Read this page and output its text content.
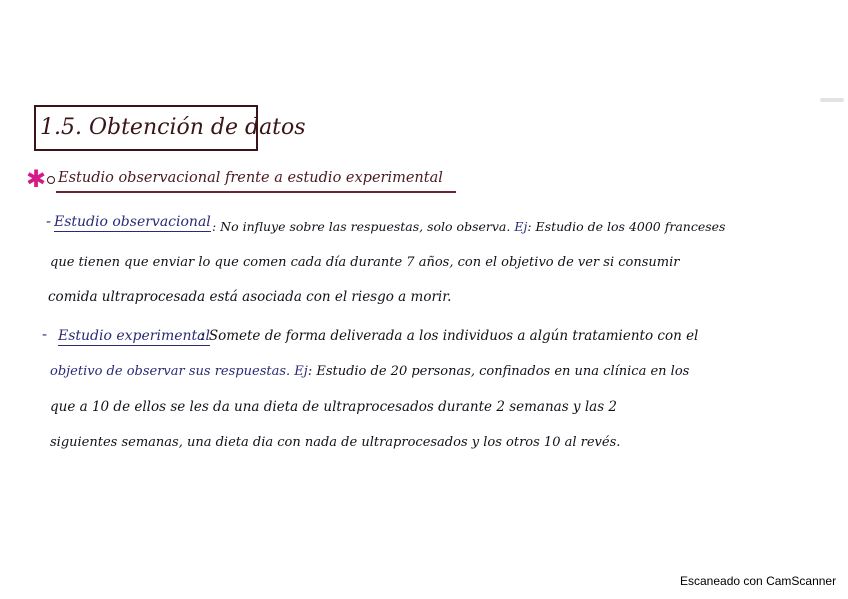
1.5. Obtención de datos
✱ Estudio observacional frente a estudio experimental
- Estudio observacional : No influye sobre las respuestas, solo observa. Ej: Estudio de los 4000 franceses
que tienen que enviar lo que comen cada día durante 7 años, con el objetivo de ver si consumir
comida ultraprocesada está asociada con el riesgo a morir.
- Estudio experimental
: Somete de forma deliverada a los individuos a algún tratamiento con el
objetivo de observar sus respuestas. Ej: Estudio de 20 personas, confinados en una clínica en los
que a 10 de ellos se les da una dieta de ultraprocesados durante 2 semanas y las 2
siguientes semanas, una dieta dia con nada de ultraprocesados y los otros 10 al revés.
Escaneado con CamScanner
